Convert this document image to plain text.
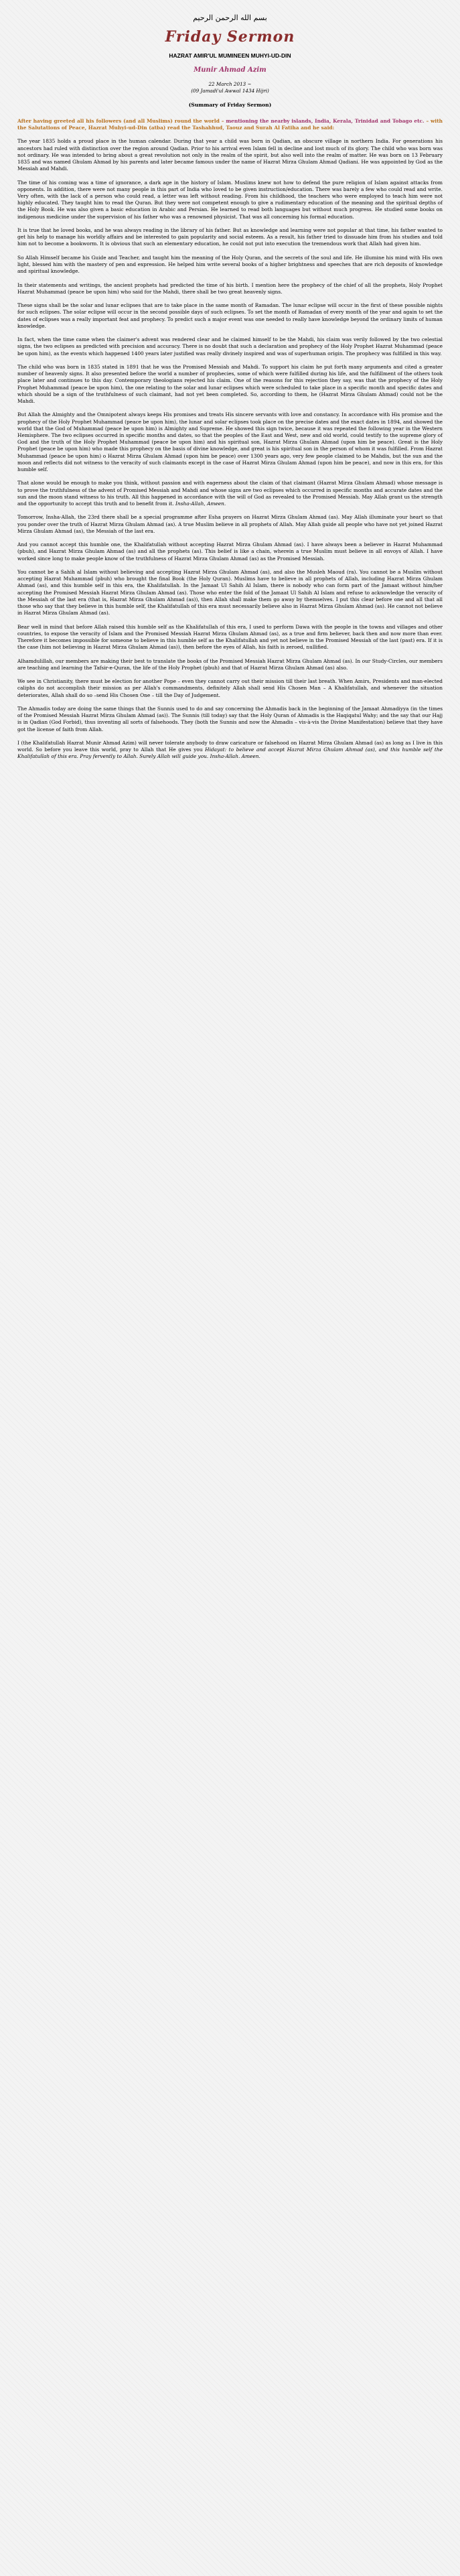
بسم الله الرحمن الرحيم
Friday Sermon
HAZRAT AMIR'UL MUMINEEN MUHYI-UD-DIN
Munir Ahmad Azim
22 March 2013 ~
(09 Jamadi'ul Awwal 1434 Hijri)
(Summary of Friday Sermon)
After having greeted all his followers (and all Muslims) round the world – mentioning the nearby islands, India, Kerala, Trinidad and Tobago etc. – with the Salutations of Peace, Hazrat Muhyi-ud-Din (atba) read the Tashahhud, Taouz and Surah Al Fatiha and he said:

The year 1835 holds a proud place in the human calendar. During that year a child was born in Qadian, an obscure village in northern India. For generations his ancestors had ruled with distinction over the region around Qadian. Prior to his arrival even Islam fell in decline and lost much of its glory. The child who was born was not ordinary. He was intended to bring about a great revolution not only in the realm of the spirit, but also well into the realm of matter. He was born on 13 February 1835 and was named Ghulam Ahmad by his parents and later became famous under the name of Hazrat Mirza Ghulam Ahmad Qadiani. He was appointed by God as the Messiah and Mahdi.

The time of his coming was a time of ignorance, a dark age in the history of Islam. Muslims knew not how to defend the pure religion of Islam against attacks from opponents. In addition, there were not many people in this part of India who loved to be given instruction/education. There was barely a few who could read and write. Very often, with the lack of a person who could read, a letter was left without reading. From his childhood, the teachers who were employed to teach him were not highly educated. They taught him to read the Quran. But they were not competent enough to give a rudimentary education of the meaning and the spiritual depths of the Holy Book. He was also given a basic education in Arabic and Persian. He learned to read both languages but without much progress. He studied some books on indigenous medicine under the supervision of his father who was a renowned physicist. That was all concerning his formal education.

It is true that he loved books, and he was always reading in the library of his father. But as knowledge and learning were not popular at that time, his father wanted to get his help to manage his worldly affairs and be interested to gain popularity and social esteem. As a result, his father tried to dissuade him from his studies and told him not to become a bookworm. It is obvious that such an elementary education, he could not put into execution the tremendous work that Allah had given him.

So Allah Himself became his Guide and Teacher, and taught him the meaning of the Holy Quran, and the secrets of the soul and life. He illumine his mind with His own light, blessed him with the mastery of pen and expression. He helped him write several books of a higher brightness and speeches that are rich deposits of knowledge and spiritual knowledge.

In their statements and writings, the ancient prophets had predicted the time of his birth. I mention here the prophecy of the chief of all the prophets, Holy Prophet Hazrat Muhammad (peace be upon him) who said for the Mahdi, there shall be two great heavenly signs.

These signs shall be the solar and lunar eclipses that are to take place in the same month of Ramadan. The lunar eclipse will occur in the first of these possible nights for such eclipses. The solar eclipse will occur in the second possible days of such eclipses. To set the month of Ramadan of every month of the year and again to set the dates of eclipses was a really important feat and prophecy. To predict such a major event was one needed to really have knowledge beyond the ordinary limits of human knowledge.

In fact, when the time came when the claimer's advent was rendered clear and he claimed himself to be the Mahdi, his claim was verily followed by the two celestial signs, the two eclipses as predicted with precision and accuracy. There is no doubt that such a declaration and prophecy of the Holy Prophet Hazrat Muhammad (peace be upon him), as the events which happened 1400 years later justified was really divinely inspired and was of superhuman origin. The prophecy was fulfilled in this way.

The child who was born in 1835 stated in 1891 that he was the Promised Messiah and Mahdi. To support his claim he put forth many arguments and cited a greater number of heavenly signs. It also presented before the world a number of prophecies, some of which were fulfilled during his life, and the fulfillment of the others took place later and continues to this day. Contemporary theologians rejected his claim. One of the reasons for this rejection they say, was that the prophecy of the Holy Prophet Muhammad (peace be upon him), the one relating to the solar and lunar eclipses which were scheduled to take place in a specific month and specific dates and which should be a sign of the truthfulness of such claimant, had not yet been completed. So, according to them, he (Hazrat Mirza Ghulam Ahmad) could not be the Mahdi.

But Allah the Almighty and the Omnipotent always keeps His promises and treats His sincere servants with love and constancy. In accordance with His promise and the prophecy of the Holy Prophet Muhammad (peace be upon him), the lunar and solar eclipses took place on the precise dates and the exact dates in 1894, and showed the world that the God of Muhammad (peace be upon him) is Almighty and Supreme. He showed this sign twice, because it was repeated the following year in the Western Hemisphere. The two eclipses occurred in specific months and dates, so that the peoples of the East and West, new and old world, could testify to the supreme glory of God and the truth of the Holy Prophet Muhammad (peace be upon him) and his spiritual son, Hazrat Mirza Ghulam Ahmad (upon him be peace). Great is the Holy Prophet (peace be upon him) who made this prophecy on the basis of divine knowledge, and great is his spiritual son in the person of whom it was fulfilled. From Hazrat Muhammad (peace be upon him) o Hazrat Mirza Ghulam Ahmad (upon him be peace) over 1300 years ago, very few people claimed to be Mahdis, but the sun and the moon and reflects did not witness to the veracity of such claimants except in the case of Hazrat Mirza Ghulam Ahmad (upon him be peace), and now in this era, for this humble self.

That alone would be enough to make you think, without passion and with eagerness about the claim of that claimant (Hazrat Mirza Ghulam Ahmad) whose message is to prove the truthfulness of the advent of Promised Messiah and Mahdi and whose signs are two eclipses which occurred in specific months and accurate dates and the sun and the moon stand witness to his truth. All this happened in accordance with the will of God as revealed to the Promised Messiah. May Allah grant us the strength and the opportunity to accept this truth and to benefit from it. Insha-Allah, Ameen.

Tomorrow, Insha-Allah, the 23rd there shall be a special programme after Esha prayers on Hazrat Mirza Ghulam Ahmad (as). May Allah illuminate your heart so that you ponder over the truth of Hazrat Mirza Ghulam Ahmad (as). A true Muslim believe in all prophets of Allah. May Allah guide all people who have not yet joined Hazrat Mirza Ghulam Ahmad (as), the Messiah of the last era.

And you cannot accept this humble one, the Khalifatullah without accepting Hazrat Mirza Ghulam Ahmad (as). I have always been a believer in Hazrat Muhammad (pbuh), and Hazrat Mirza Ghulam Ahmad (as) and all the prophets (as). This belief is like a chain, wherein a true Muslim must believe in all envoys of Allah. I have worked since long to make people know of the truthfulness of Hazrat Mirza Ghulam Ahmad (as) as the Promised Messiah.

You cannot be a Sahih al Islam without believing and accepting Hazrat Mirza Ghulam Ahmad (as), and also the Musleh Maoud (ra). You cannot be a Muslim without accepting Hazrat Muhammad (pbuh) who brought the final Book (the Holy Quran). Muslims have to believe in all prophets of Allah, including Hazrat Mirza Ghulam Ahmad (as), and this humble self in this era, the Khalifatullah. In the Jamaat Ul Sahih Al Islam, there is nobody who can form part of the Jamaat without him/her accepting the Promised Messiah Hazrat Mirza Ghulam Ahmad (as). Those who enter the fold of the Jamaat Ul Sahih Al Islam and refuse to acknowledge the veracity of the Messiah of the last era (that is, Hazrat Mirza Ghulam Ahmad (as)), then Allah shall make them go away by themselves. I put this clear before one and all that all those who say that they believe in this humble self, the Khalifatullah of this era must necessarily believe also in Hazrat Mirza Ghulam Ahmad (as). He cannot not believe in Hazrat Mirza Ghulam Ahmad (as).

Bear well in mind that before Allah raised this humble self as the Khalifatullah of this era, I used to perform Dawa with the people in the towns and villages and other countries, to expose the veracity of Islam and the Promised Messiah Hazrat Mirza Ghulam Ahmad (as), as a true and firm believer, back then and now more than ever. Therefore it becomes impossible for someone to believe in this humble self as the Khalifatullah and yet not believe in the Promised Messiah of the last (past) era. If it is the case (him not believing in Hazrat Mirza Ghulam Ahmad (as)), then before the eyes of Allah, his faith is zeroed, nullified.

Alhamdulillah, our members are making their best to translate the books of the Promised Messiah Hazrat Mirza Ghulam Ahmad (as). In our Study-Circles, our members are teaching and learning the Tafsir-e-Quran, the life of the Holy Prophet (pbuh) and that of Hazrat Mirza Ghulam Ahmad (as) also.

We see in Christianity, there must be election for another Pope – even they cannot carry out their mission till their last breath. When Amirs, Presidents and man-elected caliphs do not accomplish their mission as per Allah's commandments, definitely Allah shall send His Chosen Man – A Khalifatullah, and whenever the situation deteriorates, Allah shall do so –send His Chosen One – till the Day of Judgement.

The Ahmadis today are doing the same things that the Sunnis used to do and say concerning the Ahmadis back in the beginning of the Jamaat Ahmadiyya (in the times of the Promised Messiah Hazrat Mirza Ghulam Ahmad (as)). The Sunnis (till today) say that the Holy Quran of Ahmadis is the Haqiqatul Wahy; and the say that our Hajj is in Qadian (God Forbid), thus inventing all sorts of falsehoods. They (both the Sunnis and now the Ahmadis – vis-à-vis the Divine Manifestation) believe that they have got the license of faith from Allah.

I (the Khalifatullah Hazrat Munir Ahmad Azim) will never tolerate anybody to draw caricature or falsehood on Hazrat Mirza Ghulam Ahmad (as) as long as I live in this world. So before you leave this world, pray to Allah that He gives you Hidayat: to believe and accept Hazrat Mirza Ghulam Ahmad (as), and this humble self the Khalifatullah of this era. Pray fervently to Allah. Surely Allah will guide you. Insha-Allah. Ameen.
